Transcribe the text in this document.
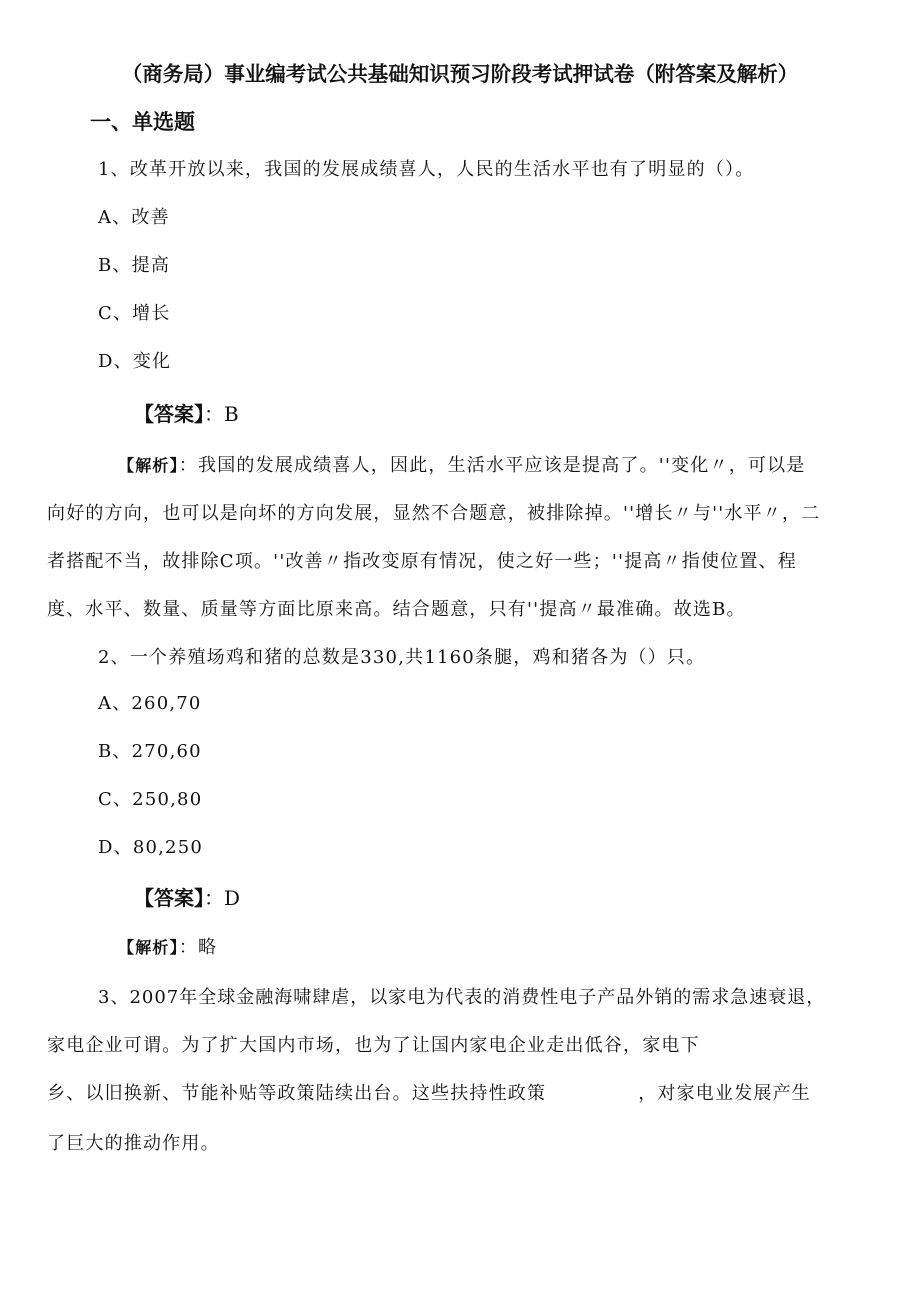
（商务局）事业编考试公共基础知识预习阶段考试押试卷（附答案及解析）
一、单选题
1、改革开放以来，我国的发展成绩喜人，人民的生活水平也有了明显的（）。
A、改善
B、提高
C、增长
D、变化
【答案】：B
【解析】：我国的发展成绩喜人，因此，生活水平应该是提高了。''变化〃，可以是
向好的方向，也可以是向坏的方向发展，显然不合题意，被排除掉。''增长〃与''水平〃，二
者搭配不当，故排除C项。''改善〃指改变原有情况，使之好一些；''提高〃指使位置、程
度、水平、数量、质量等方面比原来高。结合题意，只有''提高〃最准确。故选B。
2、一个养殖场鸡和猪的总数是330,共1160条腿，鸡和猪各为（）只。
A、260,70
B、270,60
C、250,80
D、80,250
【答案】：D
【解析】：略
3、2007年全球金融海啸肆虐，以家电为代表的消费性电子产品外销的需求急速衰退，
家电企业可谓。为了扩大国内市场，也为了让国内家电企业走出低谷，家电下
乡、以旧换新、节能补贴等政策陆续出台。这些扶持性政策	，对家电业发展产生
了巨大的推动作用。
